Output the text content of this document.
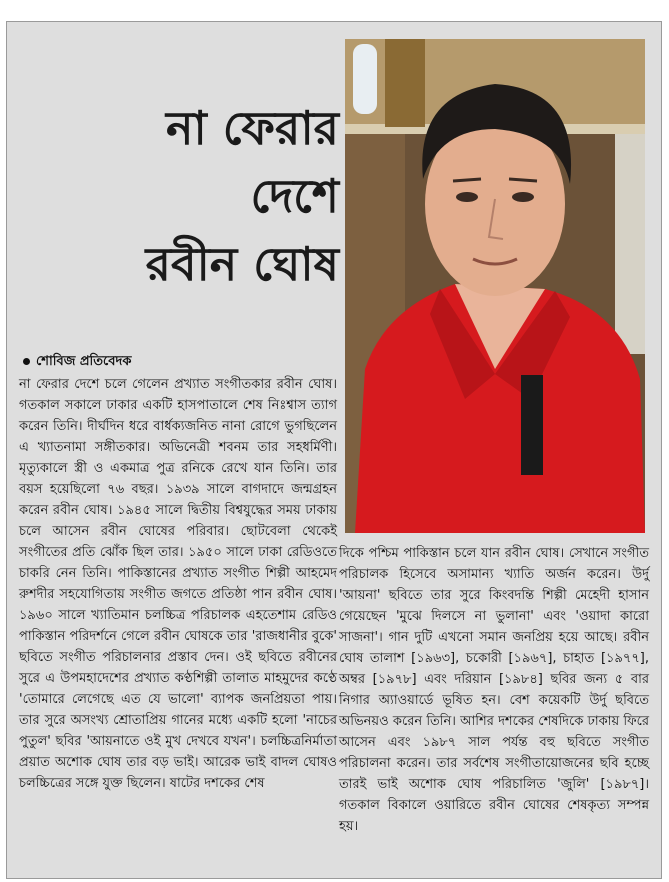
না ফেরার
দেশে
রবীন ঘোষ
শোবিজ প্রতিবেদক

না ফেরার দেশে চলে গেলেন প্রখ্যাত সংগীতকার রবীন ঘোষ। গতকাল সকালে ঢাকার একটি হাসপাতালে শেষ নিঃশ্বাস ত্যাগ করেন তিনি। দীর্ঘদিন ধরে বার্ধক্যজনিত নানা রোগে ভুগছিলেন এ খ্যাতনামা সঙ্গীতকার। অভিনেত্রী শবনম তার সহধর্মিণী। মৃত্যুকালে স্ত্রী ও একমাত্র পুত্র রনিকে রেখে যান তিনি। তার বয়স হয়েছিলো ৭৬ বছর। ১৯৩৯ সালে বাগদাদে জন্মগ্রহন করেন রবীন ঘোষ। ১৯৪৫ সালে দ্বিতীয় বিশ্বযুদ্ধের সময় ঢাকায় চলে আসেন রবীন ঘোষের পরিবার। ছোটবেলা থেকেই সংগীতের প্রতি ঝোঁক ছিল তার। ১৯৫০ সালে ঢাকা রেডিওতে চাকরি নেন তিনি। পাকিস্তানের প্রখ্যাত সংগীত শিল্পী আহমেদ রুশদীর সহযোগিতায় সংগীত জগতে প্রতিষ্ঠা পান রবীন ঘোষ। ১৯৬০ সালে খ্যাতিমান চলচ্চিত্র পরিচালক এহতেশাম রেডিও পাকিস্তান পরিদর্শনে গেলে রবীন ঘোষকে তার 'রাজধানীর বুকে' ছবিতে সংগীত পরিচালনার প্রস্তাব দেন। ওই ছবিতে রবীনের সুরে এ উপমহাদেশের প্রখ্যাত কণ্ঠশিল্পী তালাত মাহমুদের কণ্ঠে 'তোমারে লেগেছে এত যে ভালো' ব্যাপক জনপ্রিয়তা পায়। তার সুরে অসংখ্য শ্রোতাপ্রিয় গানের মধ্যে একটি হলো 'নাচের পুতুল' ছবির 'আয়নাতে ওই মুখ দেখবে যখন'। চলচ্চিত্রনির্মাতা প্রয়াত অশোক ঘোষ তার বড় ভাই। আরেক ভাই বাদল ঘোষও চলচ্চিত্রের সঙ্গে যুক্ত ছিলেন। ষাটের দশকের শেষ

দিকে পশ্চিম পাকিস্তান চলে যান রবীন ঘোষ। সেখানে সংগীত পরিচালক হিসেবে অসামান্য খ্যাতি অর্জন করেন। উর্দু 'আয়না' ছবিতে তার সুরে কিংবদন্তি শিল্পী মেহেদী হাসান গেয়েছেন 'মুঝে দিলসে না ভুলানা' এবং 'ওয়াদা কারো সাজনা'। গান দুটি এখনো সমান জনপ্রিয় হয়ে আছে। রবীন ঘোষ তালাশ [১৯৬৩], চকোরী [১৯৬৭], চাহাত [১৯৭৭], অম্বর [১৯৭৮] এবং দরিয়ান [১৯৮৪] ছবির জন্য ৫ বার নিগার অ্যাওয়ার্ডে ভূষিত হন। বেশ কয়েকটি উর্দু ছবিতে অভিনয়ও করেন তিনি। আশির দশকের শেষদিকে ঢাকায় ফিরে আসেন এবং ১৯৮৭ সাল পর্যন্ত বহু ছবিতে সংগীত পরিচালনা করেন। তার সর্বশেষ সংগীতায়োজনের ছবি হচ্ছে তারই ভাই অশোক ঘোষ পরিচালিত 'জুলি' [১৯৮৭]। গতকাল বিকালে ওয়ারিতে রবীন ঘোষের শেষকৃত্য সম্পন্ন হয়।
